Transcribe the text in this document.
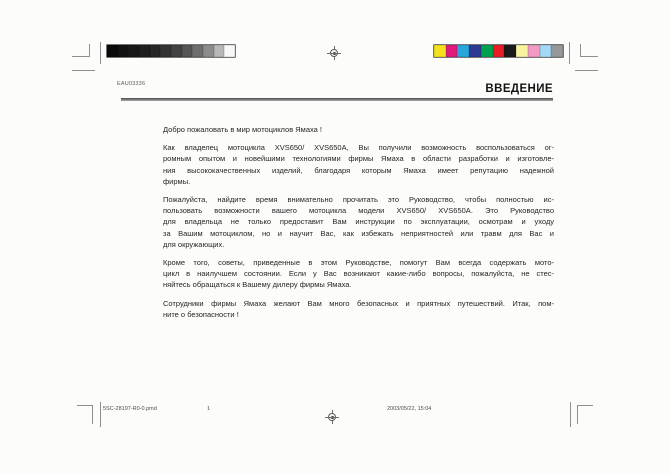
EAU03336	ВВЕДЕНИЕ
Добро пожаловать в мир мотоциклов Ямаха !
Как владелец мотоцикла XVS650/ XVS650A, Вы получили возможность воспользоваться ог-
ромным опытом и новейшими технологиями фирмы Ямаха в области разработки и изготовле-
ния высококачественных изделий, благодаря которым Ямаха имеет репутацию надежной
фирмы.
Пожалуйста, найдите время внимательно прочитать это Руководство, чтобы полностью ис-
пользовать возможности вашего мотоцикла модели XVS650/ XVS650A. Это Руководство
для владельца не только предоставит Вам инструкции по эксплуатации, осмотрам и уходу
за Вашим мотоциклом, но и научит Вас, как избежать неприятностей или травм для Вас и
для окружающих.
Кроме того, советы, приведенные в этом Руководстве, помогут Вам всегда содержать мото-
цикл в наилучшем состоянии. Если у Вас возникают какие-либо вопросы, пожалуйста, не стес-
няйтесь обращаться к Вашему дилеру фирмы Ямаха.
Сотрудники фирмы Ямаха желают Вам много безопасных и приятных путешествий. Итак, пом-
ните о безопасности !
5SC-28197-R0-0.pmd	1	2003/05/22, 15:04
